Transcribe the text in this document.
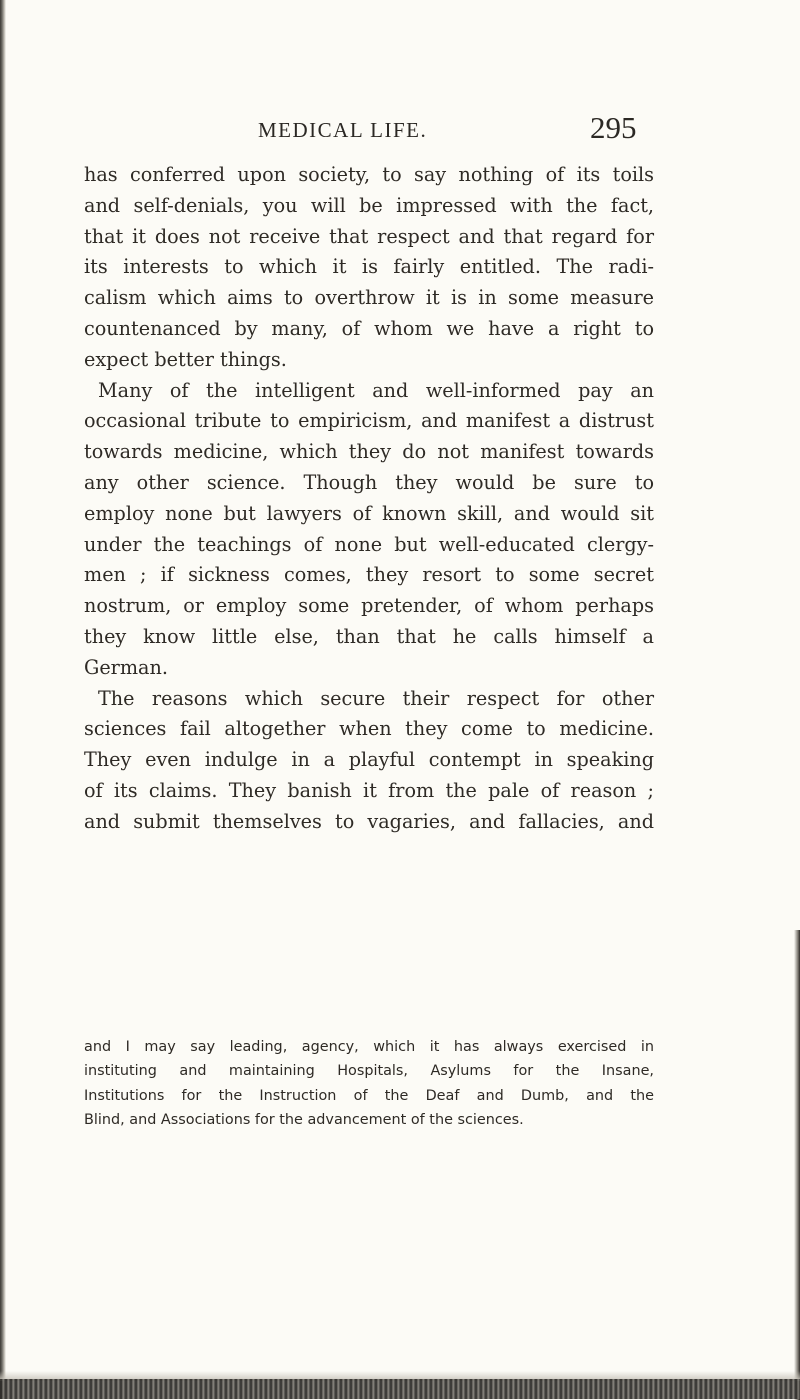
MEDICAL LIFE.	295
has conferred upon society, to say nothing of its toils
and self-denials, you will be impressed with the fact,
that it does not receive that respect and that regard for
its interests to which it is fairly entitled. The radi-
calism which aims to overthrow it is in some measure
countenanced by many, of whom we have a right to
expect better things.
Many of the intelligent and well-informed pay an
occasional tribute to empiricism, and manifest a distrust
towards medicine, which they do not manifest towards
any other science. Though they would be sure to
employ none but lawyers of known skill, and would sit
under the teachings of none but well-educated clergy-
men ; if sickness comes, they resort to some secret
nostrum, or employ some pretender, of whom perhaps
they know little else, than that he calls himself a
German.
The reasons which secure their respect for other
sciences fail altogether when they come to medicine.
They even indulge in a playful contempt in speaking
of its claims. They banish it from the pale of reason ;
and submit themselves to vagaries, and fallacies, and
and I may say leading, agency, which it has always exercised in
instituting and maintaining Hospitals, Asylums for the Insane,
Institutions for the Instruction of the Deaf and Dumb, and the
Blind, and Associations for the advancement of the sciences.
